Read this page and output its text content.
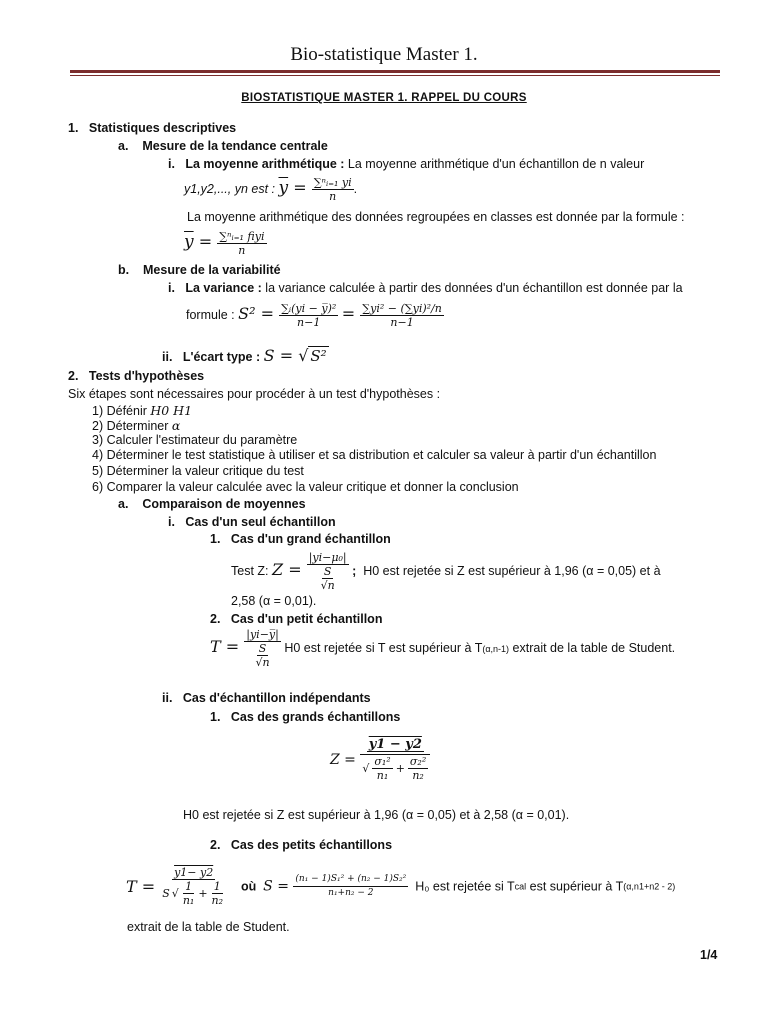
Bio-statistique Master 1.
BIOSTATISTIQUE MASTER 1. RAPPEL DU COURS
1. Statistiques descriptives
a. Mesure de la tendance centrale
i. La moyenne arithmétique : La moyenne arithmétique d'un échantillon de n valeur
y1,y2,..., yn est : $\overline{y} = \frac{\text{∑ⁿᵢ₌₁ yi}}{n}$ .
La moyenne arithmétique des données regroupées en classes est donnée par la formule :
$\overline{y} = \frac{\text{∑ⁿᵢ₌₁ fiyi}}{n}$
b. Mesure de la variabilité
i. La variance : la variance calculée à partir des données d'un échantillon est donnée par la
formule : $S^2 = \frac{\text{∑ᵢ(yi − y̅)²}}{n-1} = \frac{\text{∑yi² − (∑yi)²/n}}{n-1}$
ii. L'écart type : S = √ S²
2. Tests d'hypothèses
Six étapes sont nécessaires pour procéder à un test d'hypothèses :
1) Défénir H0 H1
2) Déterminer α
3) Calculer l'estimateur du paramètre
4) Déterminer le test statistique à utiliser et sa distribution et calculer sa valeur à partir d'un échantillon
5) Déterminer la valeur critique du test
6) Comparer la valeur calculée avec la valeur critique et donner la conclusion
a. Comparaison de moyennes
i. Cas d'un seul échantillon
1. Cas d'un grand échantillon
Test Z: Z =
|yi−μ₀|
S
√n
; H0 est rejetée si Z est supérieur à 1,96 (α = 0,05) et à
2,58 (α = 0,01).
2. Cas d'un petit échantillon
T =
|yi−y̅|
S
√n
H0 est rejetée si T est supérieur à T(α,n-1) extrait de la table de Student.
ii. Cas d'échantillon indépendants
1. Cas des grands échantillons
$Z = \frac{y1 - y2}{√ \frac{\text{σ₁²}}{\text{n₁}} + \frac{\text{σ₂²}}{\text{n₂}}}$
H0 est rejetée si Z est supérieur à 1,96 (α = 0,05) et à 2,58 (α = 0,01).
2. Cas des petits échantillons
$T = \frac{y1- y2}{S √ \frac{1}{\text{n₁}} + \frac{1}{\text{n₂}}}$ où $S = \frac{\text{(n₁ − 1)S₁² + (n₂ − 1)S₂²}}{\text{n₁+n₂ − 2}} H_0$ est rejetée si Tcal est supérieur à T(α,n1+n2 - 2)
extrait de la table de Student.
1/4
